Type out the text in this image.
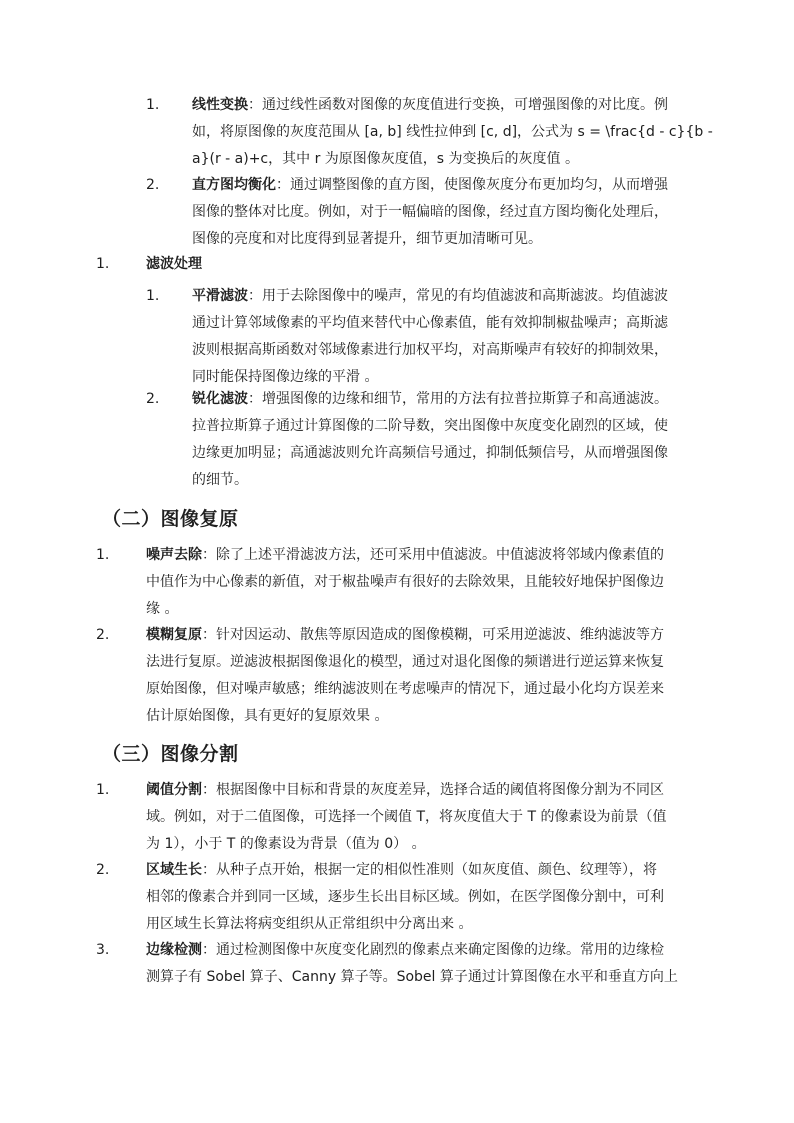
1.	线性变换：通过线性函数对图像的灰度值进行变换，可增强图像的对比度。例
如，将原图像的灰度范围从 [a, b] 线性拉伸到 [c, d]，公式为 s = \frac{d - c}{b -
a}(r - a)+c，其中 r 为原图像灰度值，s 为变换后的灰度值 。
2.	直方图均衡化：通过调整图像的直方图，使图像灰度分布更加均匀，从而增强
图像的整体对比度。例如，对于一幅偏暗的图像，经过直方图均衡化处理后，
图像的亮度和对比度得到显著提升，细节更加清晰可见。
1.	滤波处理
1.	平滑滤波：用于去除图像中的噪声，常见的有均值滤波和高斯滤波。均值滤波
通过计算邻域像素的平均值来替代中心像素值，能有效抑制椒盐噪声；高斯滤
波则根据高斯函数对邻域像素进行加权平均，对高斯噪声有较好的抑制效果，
同时能保持图像边缘的平滑 。
2.	锐化滤波：增强图像的边缘和细节，常用的方法有拉普拉斯算子和高通滤波。
拉普拉斯算子通过计算图像的二阶导数，突出图像中灰度变化剧烈的区域，使
边缘更加明显；高通滤波则允许高频信号通过，抑制低频信号，从而增强图像
的细节。
（二）图像复原
1.	噪声去除：除了上述平滑滤波方法，还可采用中值滤波。中值滤波将邻域内像素值的
中值作为中心像素的新值，对于椒盐噪声有很好的去除效果，且能较好地保护图像边
缘 。
2.	模糊复原：针对因运动、散焦等原因造成的图像模糊，可采用逆滤波、维纳滤波等方
法进行复原。逆滤波根据图像退化的模型，通过对退化图像的频谱进行逆运算来恢复
原始图像，但对噪声敏感；维纳滤波则在考虑噪声的情况下，通过最小化均方误差来
估计原始图像，具有更好的复原效果 。
（三）图像分割
1.	阈值分割：根据图像中目标和背景的灰度差异，选择合适的阈值将图像分割为不同区
域。例如，对于二值图像，可选择一个阈值 T，将灰度值大于 T 的像素设为前景（值
为 1），小于 T 的像素设为背景（值为 0） 。
2.	区域生长：从种子点开始，根据一定的相似性准则（如灰度值、颜色、纹理等），将
相邻的像素合并到同一区域，逐步生长出目标区域。例如，在医学图像分割中，可利
用区域生长算法将病变组织从正常组织中分离出来 。
3.	边缘检测：通过检测图像中灰度变化剧烈的像素点来确定图像的边缘。常用的边缘检
测算子有 Sobel 算子、Canny 算子等。Sobel 算子通过计算图像在水平和垂直方向上
